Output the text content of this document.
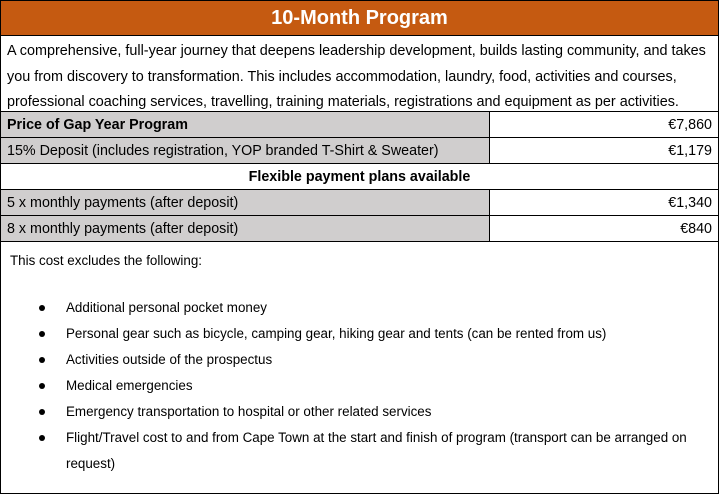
10-Month Program
A comprehensive, full-year journey that deepens leadership development, builds lasting community, and takes
you from discovery to transformation. This includes accommodation, laundry, food, activities and courses,
professional coaching services, travelling, training materials, registrations and equipment as per activities.
Price of Gap Year Program	€7,860
15% Deposit (includes registration, YOP branded T-Shirt & Sweater)	€1,179
Flexible payment plans available
5 x monthly payments (after deposit)	€1,340
8 x monthly payments (after deposit)	€840
This cost excludes the following:
Additional personal pocket money
Personal gear such as bicycle, camping gear, hiking gear and tents (can be rented from us)
Activities outside of the prospectus
Medical emergencies
Emergency transportation to hospital or other related services
Flight/Travel cost to and from Cape Town at the start and finish of program (transport can be arranged on request)
